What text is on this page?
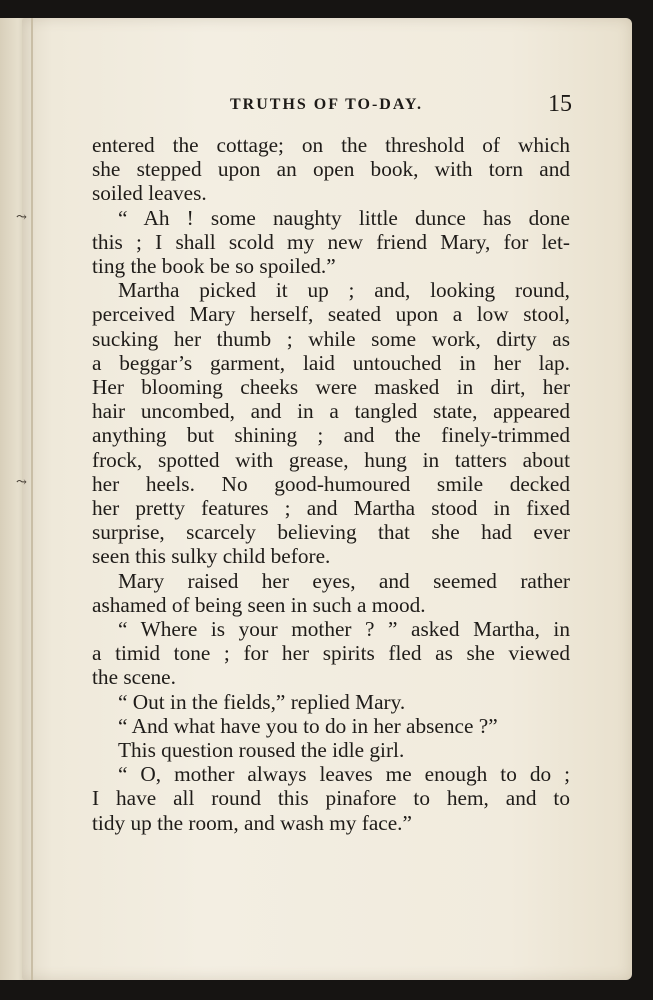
⤳
⤳
TRUTHS OF TO-DAY.	15
entered the cottage; on the threshold of which
she stepped upon an open book, with torn and
soiled leaves.
“ Ah ! some naughty little dunce has done
this ; I shall scold my new friend Mary, for let-
ting the book be so spoiled.”
Martha picked it up ; and, looking round,
perceived Mary herself, seated upon a low stool,
sucking her thumb ; while some work, dirty as
a beggar’s garment, laid untouched in her lap.
Her blooming cheeks were masked in dirt, her
hair uncombed, and in a tangled state, appeared
anything but shining ; and the finely-trimmed
frock, spotted with grease, hung in tatters about
her heels. No good-humoured smile decked
her pretty features ; and Martha stood in fixed
surprise, scarcely believing that she had ever
seen this sulky child before.
Mary raised her eyes, and seemed rather
ashamed of being seen in such a mood.
“ Where is your mother ? ” asked Martha, in
a timid tone ; for her spirits fled as she viewed
the scene.
“ Out in the fields,” replied Mary.
“ And what have you to do in her absence ?”
This question roused the idle girl.
“ O, mother always leaves me enough to do ;
I have all round this pinafore to hem, and to
tidy up the room, and wash my face.”
